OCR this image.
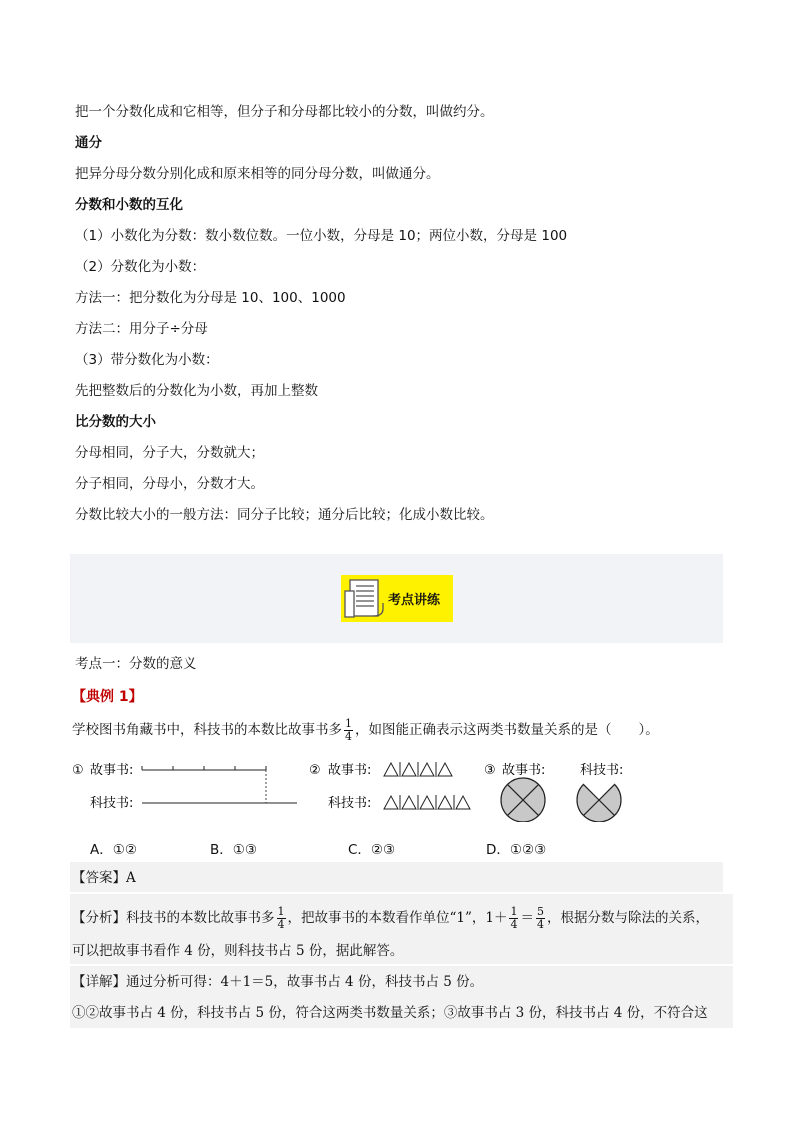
把一个分数化成和它相等，但分子和分母都比较小的分数，叫做约分。
通分
把异分母分数分别化成和原来相等的同分母分数，叫做通分。
分数和小数的互化
（1）小数化为分数：数小数位数。一位小数，分母是 10；两位小数，分母是 100
（2）分数化为小数：
方法一：把分数化为分母是 10、100、1000
方法二：用分子÷分母
（3）带分数化为小数：
先把整数后的分数化为小数，再加上整数
比分数的大小
分母相同，分子大，分数就大；
分子相同，分母小，分数才大。
分数比较大小的一般方法：同分子比较；通分后比较；化成小数比较。
考点讲练
考点一：分数的意义
【典例 1】
学校图书角藏书中，科技书的本数比故事书多 $\frac{1}{4}$ ，如图能正确表示这两类书数量关系的是（　　）。
① 故事书:
科技书:
② 故事书:
科技书:
③ 故事书:	科技书:
A．①②	B．①③	C．②③	D．①②③
【答案】A
【分析】科技书的本数比故事书多 $\frac{1}{4}$ ，把故事书的本数看作单位“1”，$1+ \frac{1}{4} = \frac{5}{4}$ ，根据分数与除法的关系，
可以把故事书看作 4 份，则科技书占 5 份，据此解答。
【详解】通过分析可得：4＋1＝5，故事书占 4 份，科技书占 5 份。
①②故事书占 4 份，科技书占 5 份，符合这两类书数量关系；③故事书占 3 份，科技书占 4 份，不符合这
